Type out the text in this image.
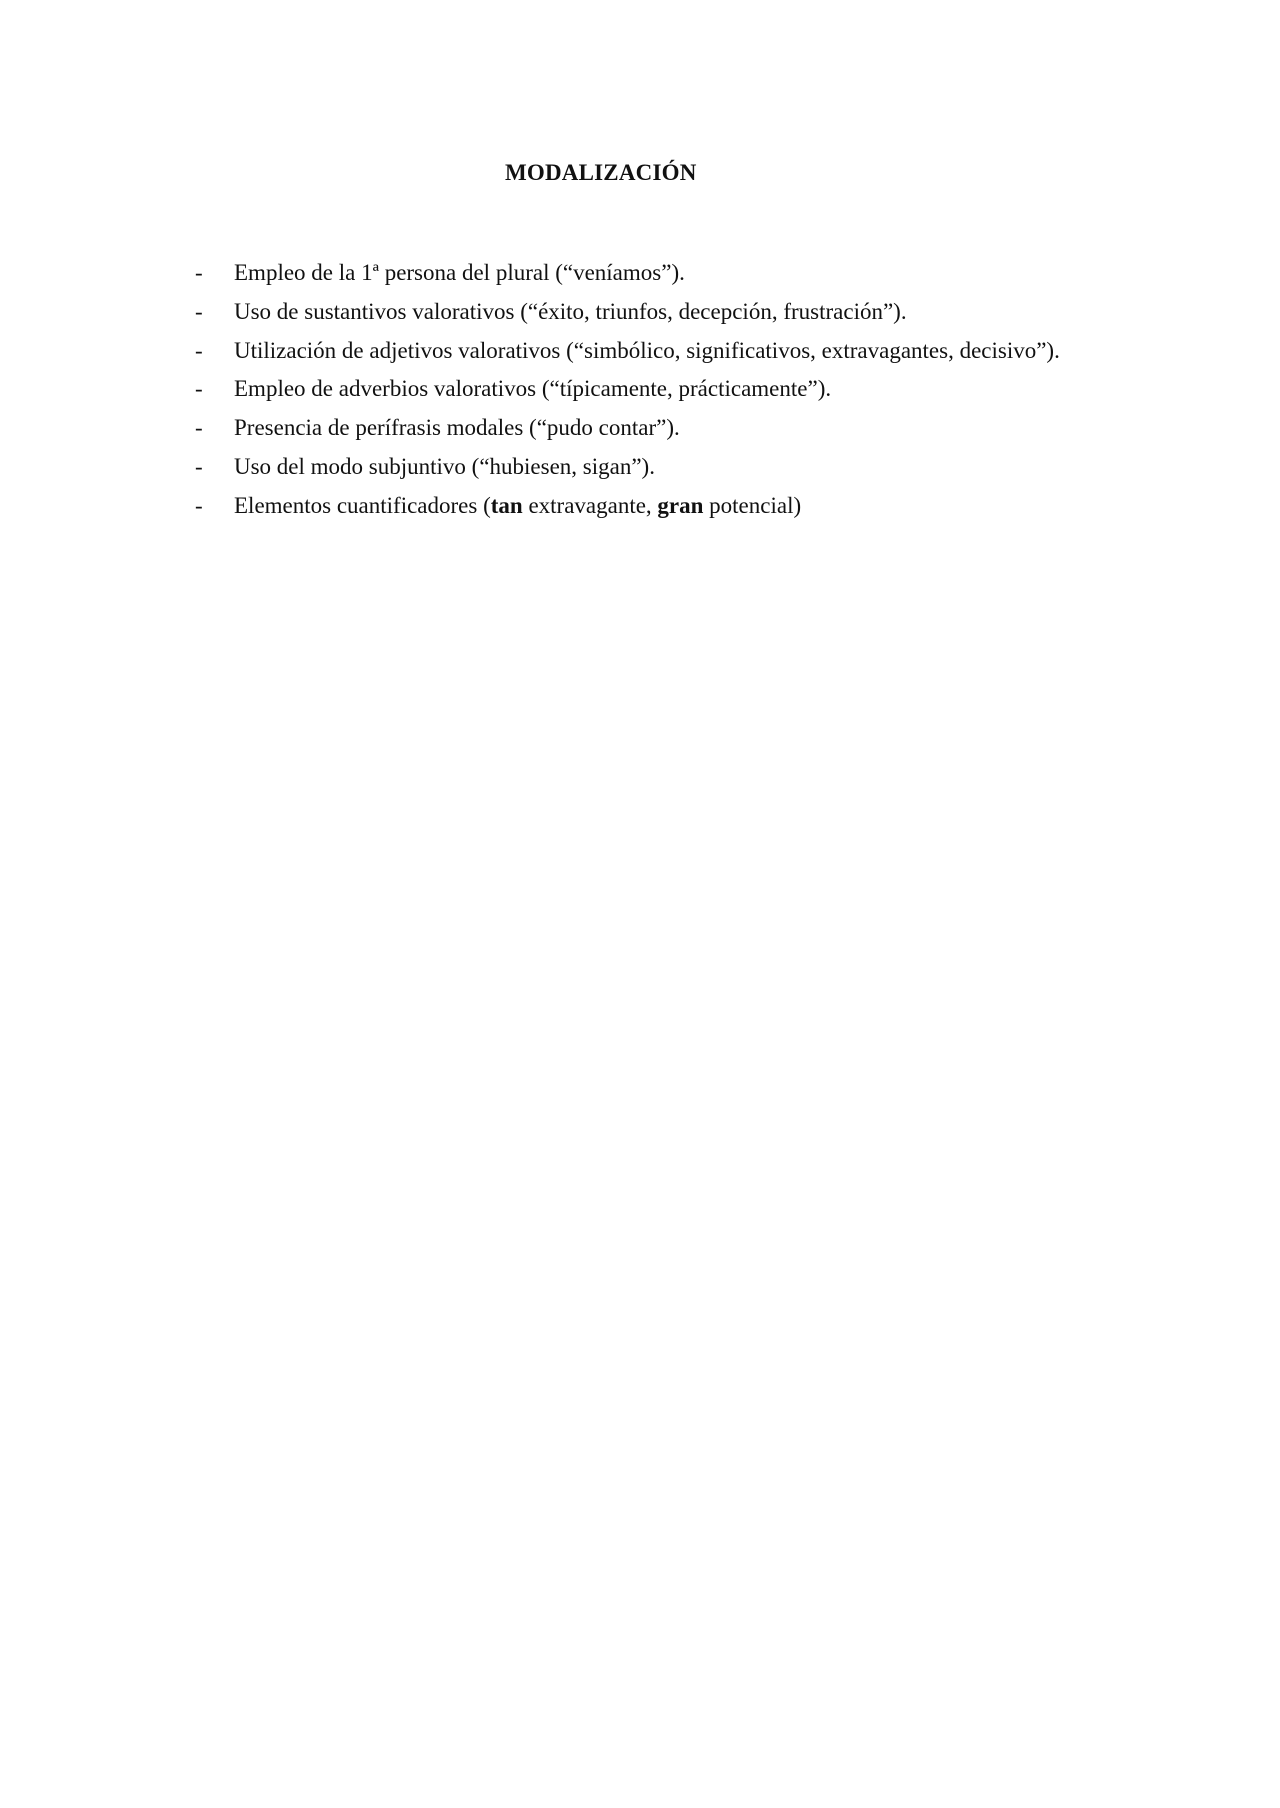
MODALIZACIÓN
- Empleo de la 1ª persona del plural (“veníamos”).
- Uso de sustantivos valorativos (“éxito, triunfos, decepción, frustración”).
- Utilización de adjetivos valorativos (“simbólico, significativos, extravagantes, decisivo”).
- Empleo de adverbios valorativos (“típicamente, prácticamente”).
- Presencia de perífrasis modales (“pudo contar”).
- Uso del modo subjuntivo (“hubiesen, sigan”).
- Elementos cuantificadores (tan extravagante, gran potencial)
